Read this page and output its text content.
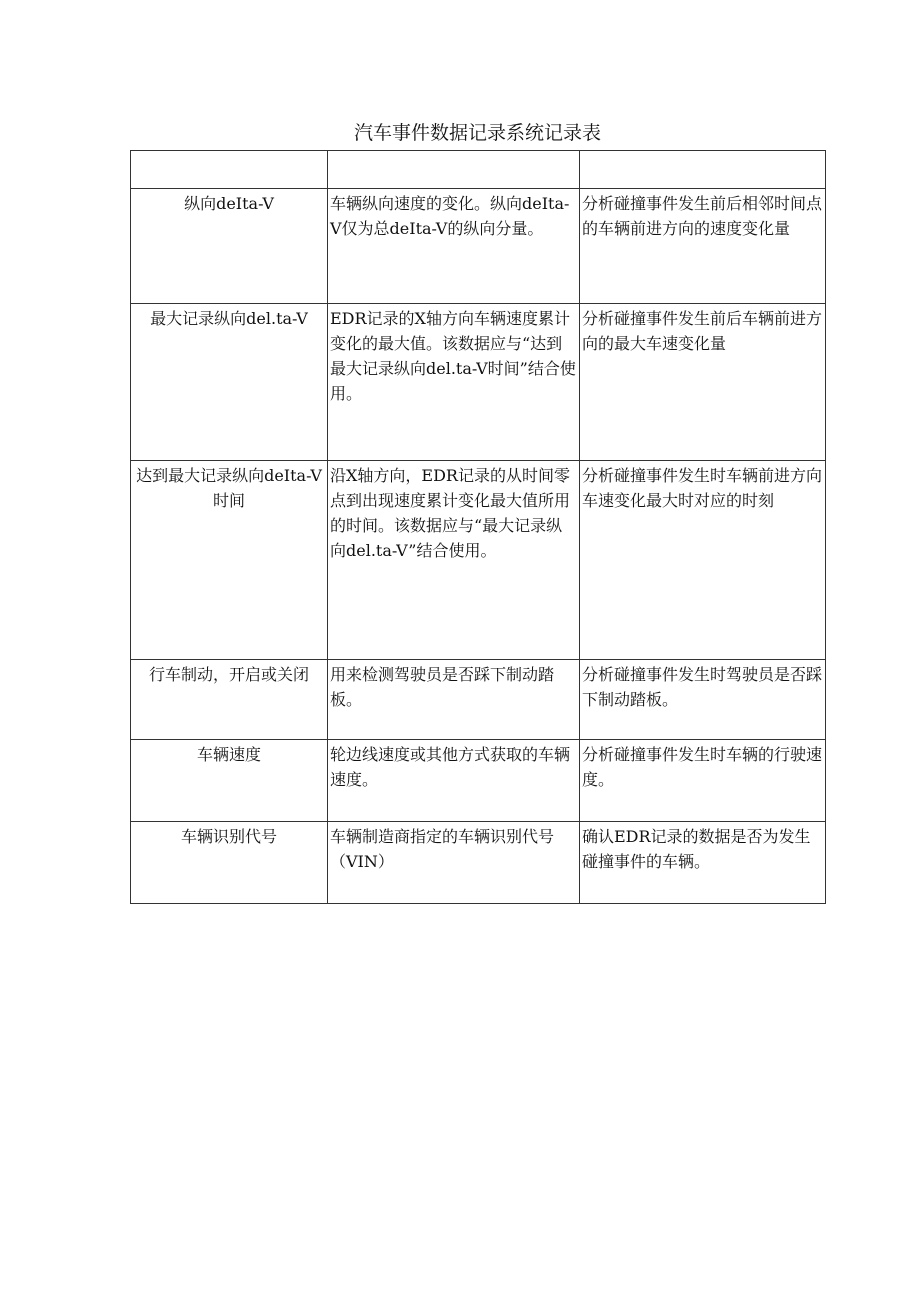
汽车事件数据记录系统记录表

纵向deIta-V	车辆纵向速度的变化。纵向deIta-V仅为总deIta-V的纵向分量。	分析碰撞事件发生前后相邻时间点的车辆前进方向的速度变化量
最大记录纵向del.ta-V	EDR记录的X轴方向车辆速度累计变化的最大值。该数据应与“达到最大记录纵向del.ta-V时间”结合使用。	分析碰撞事件发生前后车辆前进方向的最大车速变化量
达到最大记录纵向deIta-V时间	沿X轴方向，EDR记录的从时间零点到出现速度累计变化最大值所用的时间。该数据应与“最大记录纵向del.ta-V”结合使用。	分析碰撞事件发生时车辆前进方向车速变化最大时对应的时刻
行车制动，开启或关闭	用来检测驾驶员是否踩下制动踏板。	分析碰撞事件发生时驾驶员是否踩下制动踏板。
车辆速度	轮边线速度或其他方式获取的车辆速度。	分析碰撞事件发生时车辆的行驶速度。
车辆识别代号	车辆制造商指定的车辆识别代号（VIN）	确认EDR记录的数据是否为发生碰撞事件的车辆。
